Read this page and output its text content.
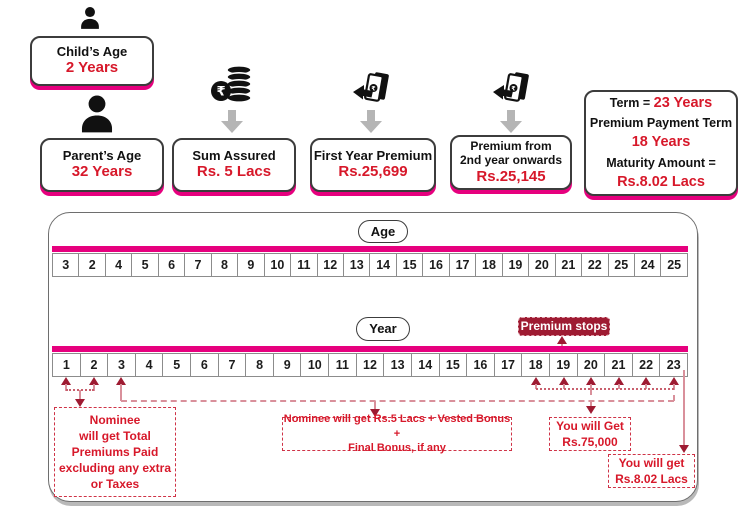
₹	₹	₹
Child’s Age
2 Years
Parent’s Age
32 Years
Sum Assured
Rs. 5 Lacs
First Year Premium
Rs.25,699
Premium from 2nd year onwards
Rs.25,145
Term = 23 Years
Premium Payment Term
18 Years
Maturity Amount =
Rs.8.02 Lacs
Age
3	2	4	5	6	7	8	9	10	11	12	13	14	15	16	17	18	19	20	21	22	25	24	25
Year	Premium stops
1	2	3	4	5	6	7	8	9	10	11	12	13	14	15	16	17	18	19	20	21	22	23
Nominee
will get Total
Premiums Paid
excluding any extra
or Taxes
Nominee will get Rs.5 Lacs + Vested Bonus +
Final Bonus, if any
You will Get
Rs.75,000
You will get
Rs.8.02 Lacs
